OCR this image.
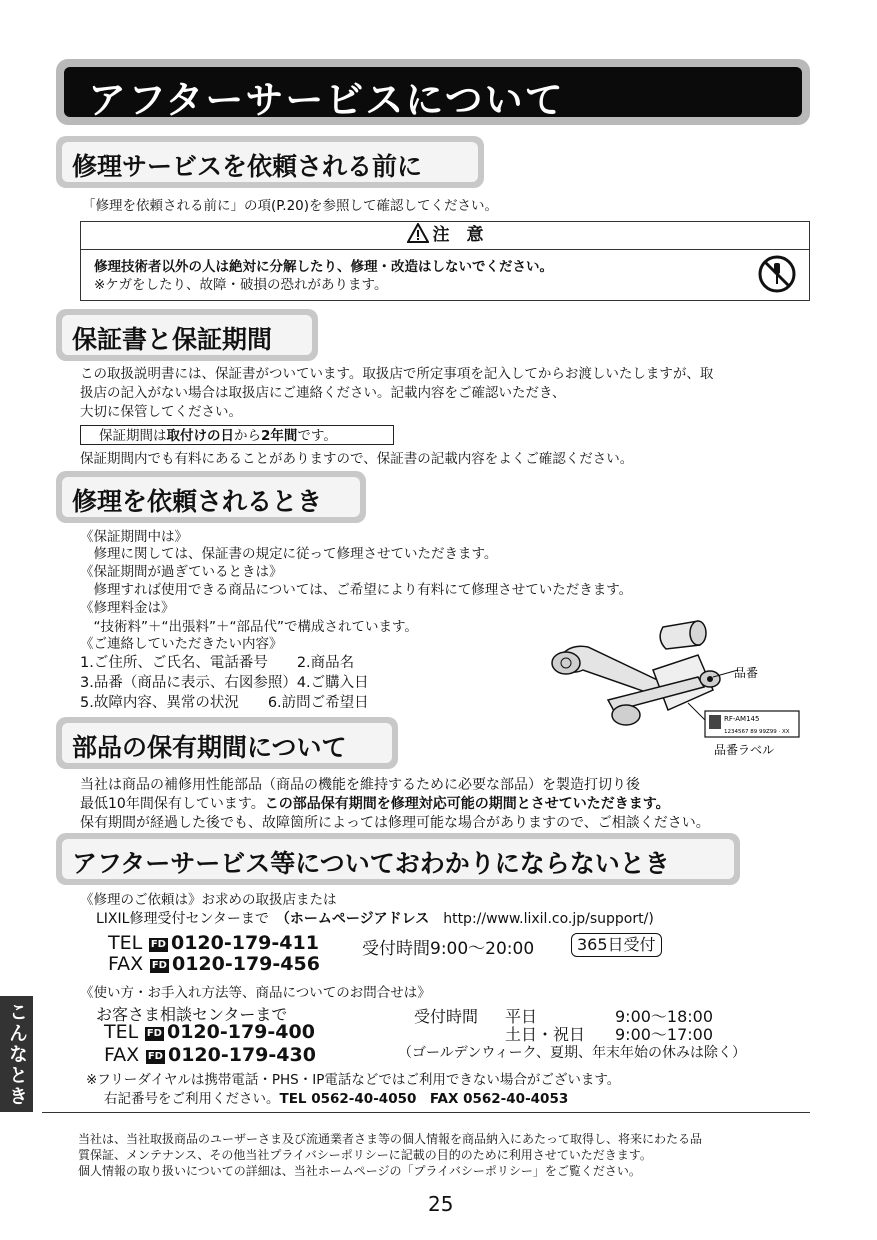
アフターサービスについて
修理サービスを依頼される前に
「修理を依頼される前に」の項(P.20)を参照して確認してください。
注　意
修理技術者以外の人は絶対に分解したり、修理・改造はしないでください。
※ケガをしたり、故障・破損の恐れがあります。
保証書と保証期間
この取扱説明書には、保証書がついています。取扱店で所定事項を記入してからお渡しいたしますが、取
扱店の記入がない場合は取扱店にご連絡ください。記載内容をご確認いただき、
大切に保管してください。
保証期間は取付けの日から2年間です。
保証期間内でも有料にあることがありますので、保証書の記載内容をよくご確認ください。
修理を依頼されるとき
《保証期間中は》
　修理に関しては、保証書の規定に従って修理させていただきます。
《保証期間が過ぎているときは》
　修理すれば使用できる商品については、ご希望により有料にて修理させていただきます。
《修理料金は》
　“技術料”＋“出張料”＋“部品代”で構成されています。
《ご連絡していただきたい内容》
1.ご住所、ご氏名、電話番号　　2.商品名
3.品番（商品に表示、右図参照）4.ご購入日
5.故障内容、異常の状況　　6.訪問ご希望日
RF-AM145
1234567 89 99Z99 · XX
品番
品番ラベル
部品の保有期間について
当社は商品の補修用性能部品（商品の機能を維持するために必要な部品）を製造打切り後
最低10年間保有しています。この部品保有期間を修理対応可能の期間とさせていただきます。
保有期間が経過した後でも、故障箇所によっては修理可能な場合がありますので、ご相談ください。
アフターサービス等についておわかりにならないとき
《修理のご依頼は》お求めの取扱店または
LIXIL修理受付センターまで　 （ホームページアドレス　 http://www.lixil.co.jp/support/)
TEL FD 0120-179-411
FAX FD 0120-179-456
受付時間9:00～20:00	365日受付
《使い方・お手入れ方法等、商品についてのお問合せは》
お客さま相談センターまで
TEL FD 0120-179-400
FAX FD 0120-179-430
受付時間 平日	9:00～18:00
土日・祝日 9:00～17:00
（ゴールデンウィーク、夏期、年末年始の休みは除く）
※フリーダイヤルは携帯電話・PHS・IP電話などではご利用できない場合がございます。
右記番号をご利用ください。TEL 0562-40-4050　FAX 0562-40-4053
当社は、当社取扱商品のユーザーさま及び流通業者さま等の個人情報を商品納入にあたって取得し、将来にわたる品
質保証、メンテナンス、その他当社プライバシーポリシーに記載の目的のために利用させていただきます。
個人情報の取り扱いについての詳細は、当社ホームページの「プライバシーポリシー」をご覧ください。
こんなとき
25
